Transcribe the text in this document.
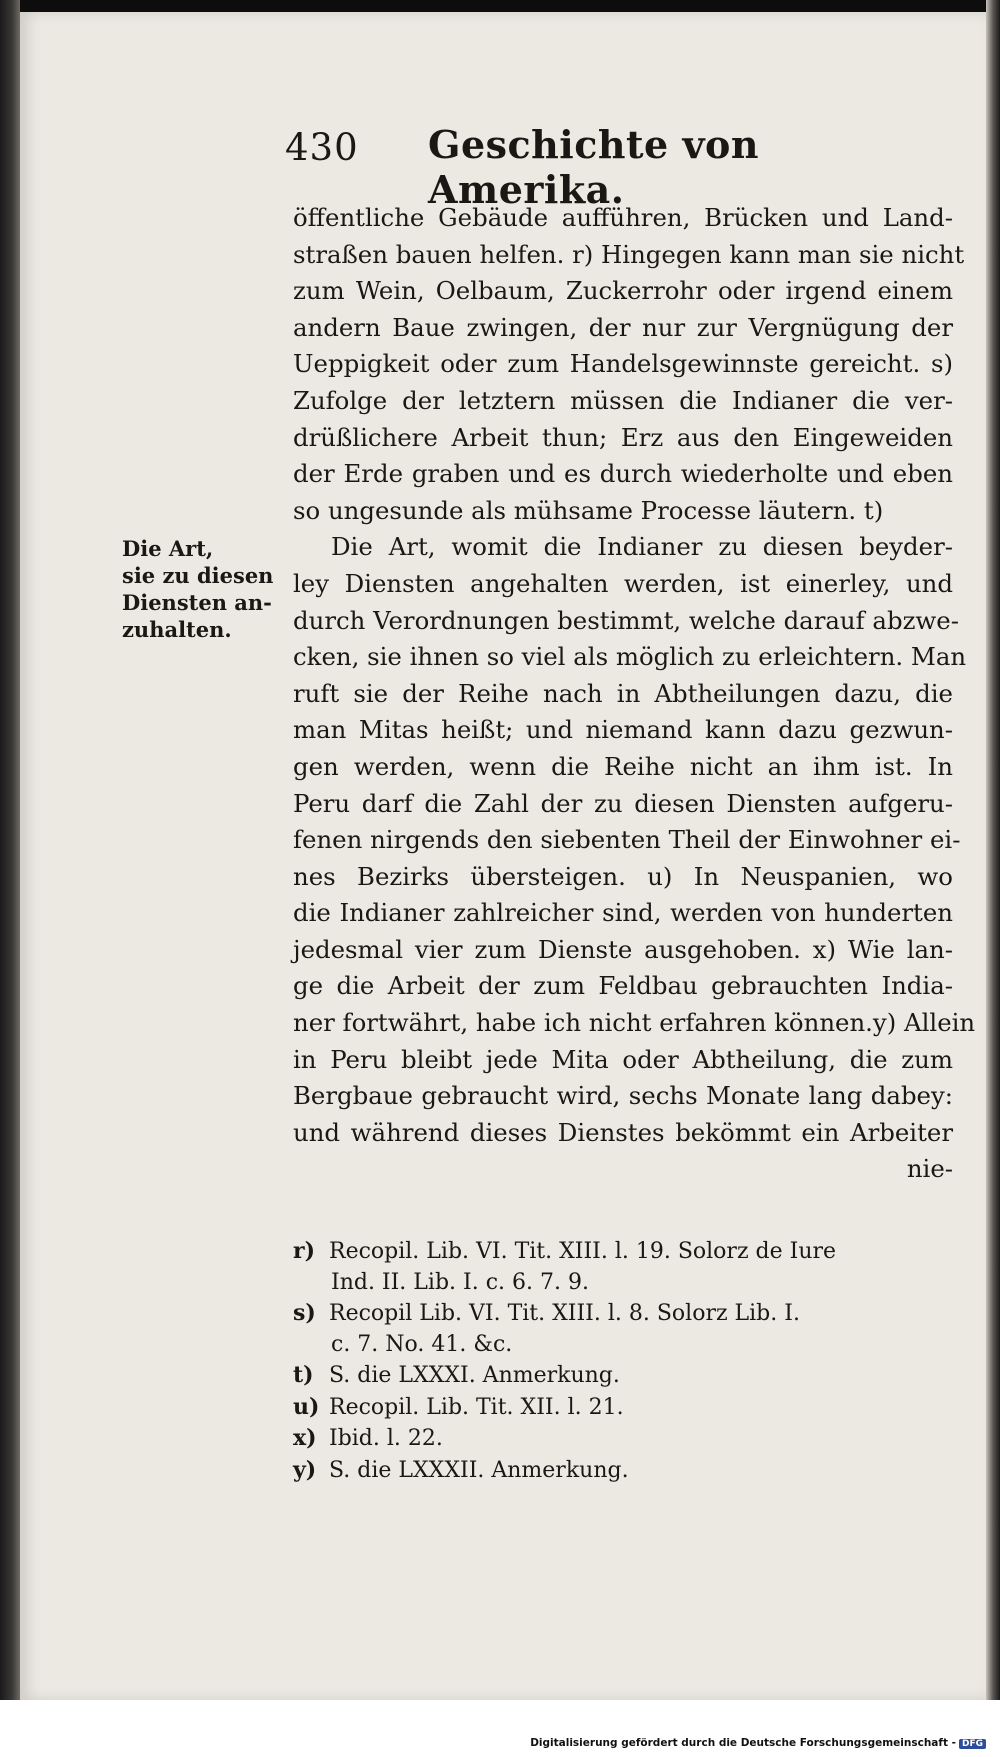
430 Geschichte von Amerika.
Die Art,
sie zu diesen
Diensten an-
zuhalten.
öffentliche Gebäude aufführen, Brücken und Land-
straßen bauen helfen. r) Hingegen kann man sie nicht
zum Wein, Oelbaum, Zuckerrohr oder irgend einem
andern Baue zwingen, der nur zur Vergnügung der
Ueppigkeit oder zum Handelsgewinnste gereicht. s)
Zufolge der letztern müssen die Indianer die ver-
drüßlichere Arbeit thun; Erz aus den Eingeweiden
der Erde graben und es durch wiederholte und eben
so ungesunde als mühsame Processe läutern. t)
Die Art, womit die Indianer zu diesen beyder-
ley Diensten angehalten werden, ist einerley, und
durch Verordnungen bestimmt, welche darauf abzwe-
cken, sie ihnen so viel als möglich zu erleichtern. Man
ruft sie der Reihe nach in Abtheilungen dazu, die
man Mitas heißt; und niemand kann dazu gezwun-
gen werden, wenn die Reihe nicht an ihm ist. In
Peru darf die Zahl der zu diesen Diensten aufgeru-
fenen nirgends den siebenten Theil der Einwohner ei-
nes Bezirks übersteigen. u) In Neuspanien, wo
die Indianer zahlreicher sind, werden von hunderten
jedesmal vier zum Dienste ausgehoben. x) Wie lan-
ge die Arbeit der zum Feldbau gebrauchten India-
ner fortwährt, habe ich nicht erfahren können.y) Allein
in Peru bleibt jede Mita oder Abtheilung, die zum
Bergbaue gebraucht wird, sechs Monate lang dabey:
und während dieses Dienstes bekömmt ein Arbeiter
nie-
r) Recopil. Lib. VI. Tit. XIII. l. 19. Solorz de Iure
Ind. II. Lib. I. c. 6. 7. 9.
s) Recopil Lib. VI. Tit. XIII. l. 8. Solorz Lib. I.
c. 7. No. 41. &c.
t) S. die LXXXI. Anmerkung.
u) Recopil. Lib. Tit. XII. l. 21.
x) Ibid. l. 22.
y) S. die LXXXII. Anmerkung.
Digitalisierung gefördert durch die Deutsche Forschungsgemeinschaft - DFG
